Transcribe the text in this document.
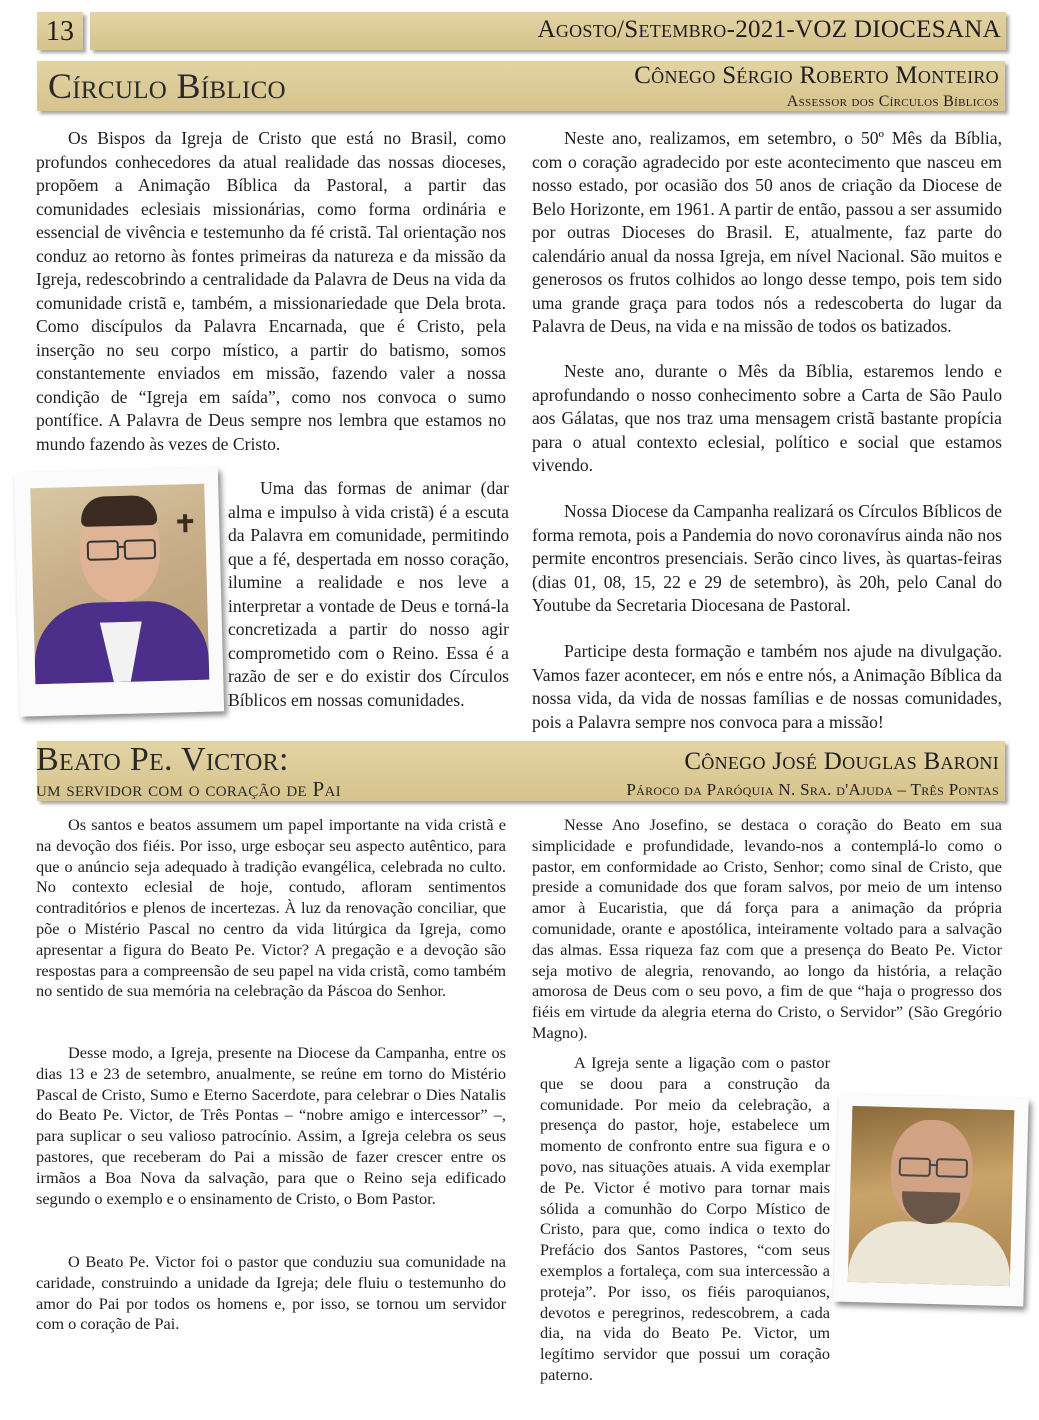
13	Agosto/Setembro-2021-VOZ DIOCESANA
Círculo Bíblico	Cônego Sérgio Roberto Monteiro
Assessor dos Círculos Bíblicos

Os Bispos da Igreja de Cristo que está no Brasil, como profundos conhecedores da atual realidade das nossas dioceses, propõem a Animação Bíblica da Pastoral, a partir das comunidades eclesiais missionárias, como forma ordinária e essencial de vivência e testemunho da fé cristã. Tal orientação nos conduz ao retorno às fontes primeiras da natureza e da missão da Igreja, redescobrindo a centralidade da Palavra de Deus na vida da comunidade cristã e, também, a missionariedade que Dela brota. Como discípulos da Palavra Encarnada, que é Cristo, pela inserção no seu corpo místico, a partir do batismo, somos constantemente enviados em missão, fazendo valer a nossa condição de “Igreja em saída”, como nos convoca o sumo pontífice. A Palavra de Deus sempre nos lembra que estamos no mundo fazendo às vezes de Cristo.

Uma das formas de animar (dar alma e impulso à vida cristã) é a escuta da Palavra em comunidade, permitindo que a fé, despertada em nosso coração, ilumine a realidade e nos leve a interpretar a vontade de Deus e torná-la concretizada a partir do nosso agir comprometido com o Reino. Essa é a razão de ser e do existir dos Círculos Bíblicos em nossas comunidades.

Neste ano, realizamos, em setembro, o 50º Mês da Bíblia, com o coração agradecido por este acontecimento que nasceu em nosso estado, por ocasião dos 50 anos de criação da Diocese de Belo Horizonte, em 1961. A partir de então, passou a ser assumido por outras Dioceses do Brasil. E, atualmente, faz parte do calendário anual da nossa Igreja, em nível Nacional. São muitos e generosos os frutos colhidos ao longo desse tempo, pois tem sido uma grande graça para todos nós a redescoberta do lugar da Palavra de Deus, na vida e na missão de todos os batizados.

Neste ano, durante o Mês da Bíblia, estaremos lendo e aprofundando o nosso conhecimento sobre a Carta de São Paulo aos Gálatas, que nos traz uma mensagem cristã bastante propícia para o atual contexto eclesial, político e social que estamos vivendo.

Nossa Diocese da Campanha realizará os Círculos Bíblicos de forma remota, pois a Pandemia do novo coronavírus ainda não nos permite encontros presenciais. Serão cinco lives, às quartas-feiras (dias 01, 08, 15, 22 e 29 de setembro), às 20h, pelo Canal do Youtube da Secretaria Diocesana de Pastoral.

Participe desta formação e também nos ajude na divulgação. Vamos fazer acontecer, em nós e entre nós, a Animação Bíblica da nossa vida, da vida de nossas famílias e de nossas comunidades, pois a Palavra sempre nos convoca para a missão!

Beato Pe. Victor:
um servidor com o coração de Pai
Cônego José Douglas Baroni
Pároco da Paróquia N. Sra. d'Ajuda – Três Pontas

Os santos e beatos assumem um papel importante na vida cristã e na devoção dos fiéis. Por isso, urge esboçar seu aspecto autêntico, para que o anúncio seja adequado à tradição evangélica, celebrada no culto. No contexto eclesial de hoje, contudo, afloram sentimentos contraditórios e plenos de incertezas. À luz da renovação conciliar, que põe o Mistério Pascal no centro da vida litúrgica da Igreja, como apresentar a figura do Beato Pe. Victor? A pregação e a devoção são respostas para a compreensão de seu papel na vida cristã, como também no sentido de sua memória na celebração da Páscoa do Senhor.

Desse modo, a Igreja, presente na Diocese da Campanha, entre os dias 13 e 23 de setembro, anualmente, se reúne em torno do Mistério Pascal de Cristo, Sumo e Eterno Sacerdote, para celebrar o Dies Natalis do Beato Pe. Victor, de Três Pontas – “nobre amigo e intercessor” –, para suplicar o seu valioso patrocínio. Assim, a Igreja celebra os seus pastores, que receberam do Pai a missão de fazer crescer entre os irmãos a Boa Nova da salvação, para que o Reino seja edificado segundo o exemplo e o ensinamento de Cristo, o Bom Pastor.

O Beato Pe. Victor foi o pastor que conduziu sua comunidade na caridade, construindo a unidade da Igreja; dele fluiu o testemunho do amor do Pai por todos os homens e, por isso, se tornou um servidor com o coração de Pai.

Nesse Ano Josefino, se destaca o coração do Beato em sua simplicidade e profundidade, levando-nos a contemplá-lo como o pastor, em conformidade ao Cristo, Senhor; como sinal de Cristo, que preside a comunidade dos que foram salvos, por meio de um intenso amor à Eucaristia, que dá força para a animação da própria comunidade, orante e apostólica, inteiramente voltado para a salvação das almas. Essa riqueza faz com que a presença do Beato Pe. Victor seja motivo de alegria, renovando, ao longo da história, a relação amorosa de Deus com o seu povo, a fim de que “haja o progresso dos fiéis em virtude da alegria eterna do Cristo, o Servidor” (São Gregório Magno).

A Igreja sente a ligação com o pastor que se doou para a construção da comunidade. Por meio da celebração, a presença do pastor, hoje, estabelece um momento de confronto entre sua figura e o povo, nas situações atuais. A vida exemplar de Pe. Victor é motivo para tornar mais sólida a comunhão do Corpo Místico de Cristo, para que, como indica o texto do Prefácio dos Santos Pastores, “com seus exemplos a fortaleça, com sua intercessão a proteja”. Por isso, os fiéis paroquianos, devotos e peregrinos, redescobrem, a cada dia, na vida do Beato Pe. Victor, um legítimo servidor que possui um coração paterno.
